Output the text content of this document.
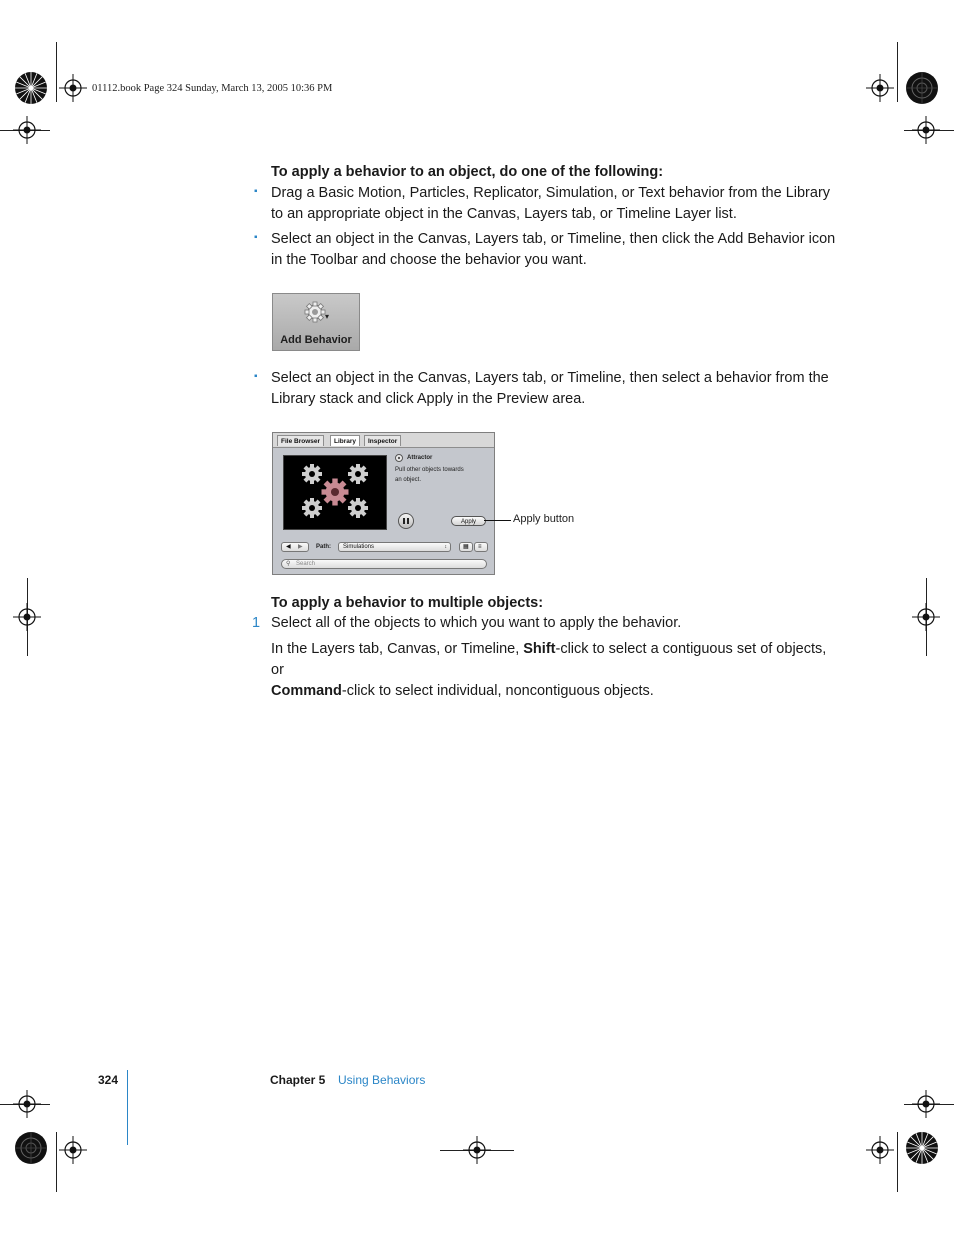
01112.book Page 324 Sunday, March 13, 2005 10:36 PM
To apply a behavior to an object, do one of the following:
▪ Drag a Basic Motion, Particles, Replicator, Simulation, or Text behavior from the Library
to an appropriate object in the Canvas, Layers tab, or Timeline Layer list.
▪ Select an object in the Canvas, Layers tab, or Timeline, then click the Add Behavior icon
in the Toolbar and choose the behavior you want.
▾
Add Behavior
▪ Select an object in the Canvas, Layers tab, or Timeline, then select a behavior from the
Library stack and click Apply in the Preview area.
File Browser	Library	Inspector
Attractor
Pull other objects towards
an object.
Apply
◀ ▶ Path:	Simulations	↕	▦ ≡
⚲ Search
Apply button
To apply a behavior to multiple objects:
1 Select all of the objects to which you want to apply the behavior.
In the Layers tab, Canvas, or Timeline, Shift-click to select a contiguous set of objects, or
Command-click to select individual, noncontiguous objects.
324	Chapter 5 Using Behaviors
